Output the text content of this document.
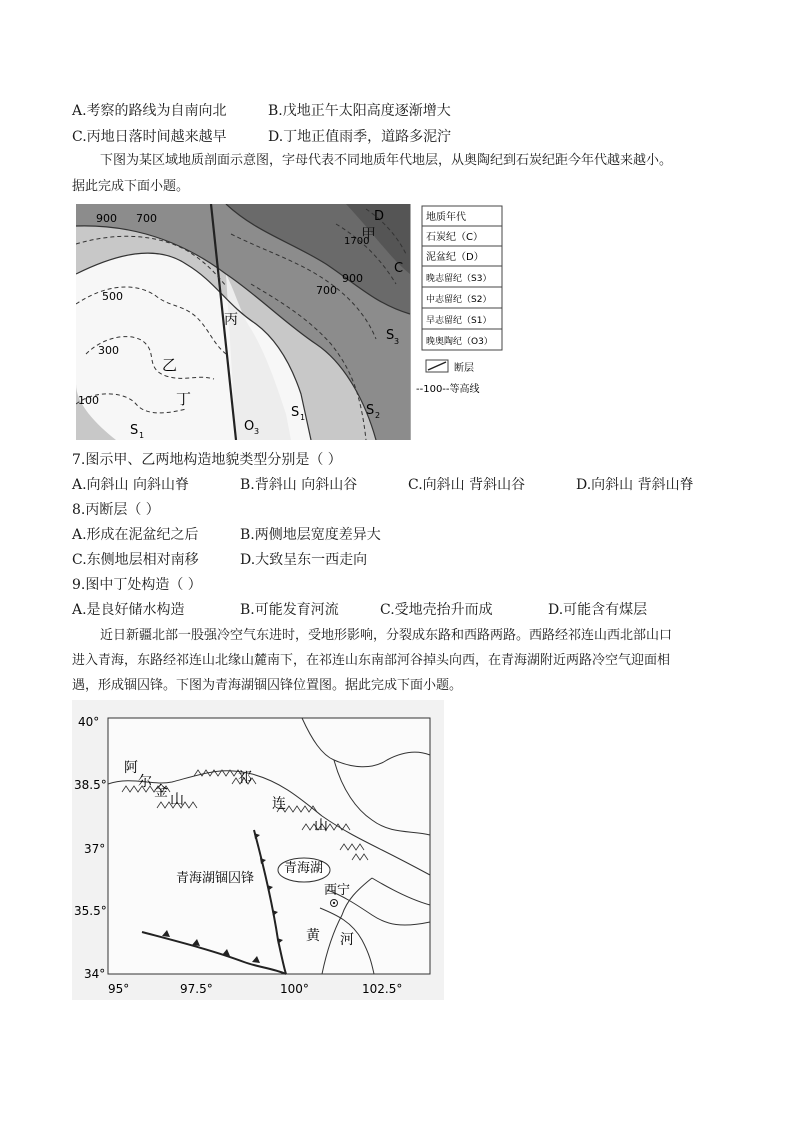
A.考察的路线为自南向北	B.戊地正午太阳高度逐渐增大
C.丙地日落时间越来越早	D.丁地正值雨季，道路多泥泞
下图为某区域地质剖面示意图，字母代表不同地质年代地层，从奥陶纪到石炭纪距今年代越来越小。
据此完成下面小题。
900 700
500
300
100
1700
900
700
甲
乙
丙
丁
D
C
S 3
S 1
S 1
O 3
S 2
地质年代
石炭纪（C）
泥盆纪（D）
晚志留纪（S3）
中志留纪（S2）
早志留纪（S1）
晚奥陶纪（O3）
断层
--100--等高线
7.图示甲、乙两地构造地貌类型分别是（ ）
A.向斜山 向斜山脊	B.背斜山 向斜山谷	C.向斜山 背斜山谷	D.向斜山 背斜山脊
8.丙断层（ ）
A.形成在泥盆纪之后	B.两侧地层宽度差异大
C.东侧地层相对南移	D.大致呈东一西走向
9.图中丁处构造（ ）
A.是良好储水构造	B.可能发育河流	C.受地壳抬升而成	D.可能含有煤层
近日新疆北部一股强冷空气东进时，受地形影响，分裂成东路和西路两路。西路经祁连山西北部山口
进入青海，东路经祁连山北缘山麓南下，在祁连山东南部河谷掉头向西，在青海湖附近两路冷空气迎面相
遇，形成锢囚锋。下图为青海湖锢囚锋位置图。据此完成下面小题。
40°
38.5°
37°
35.5°
34°
95°	97.5°	100°	102.5°
阿
尔
金 山
祁
连
山
青海湖锢囚锋
青海湖
西宁
黄 河
